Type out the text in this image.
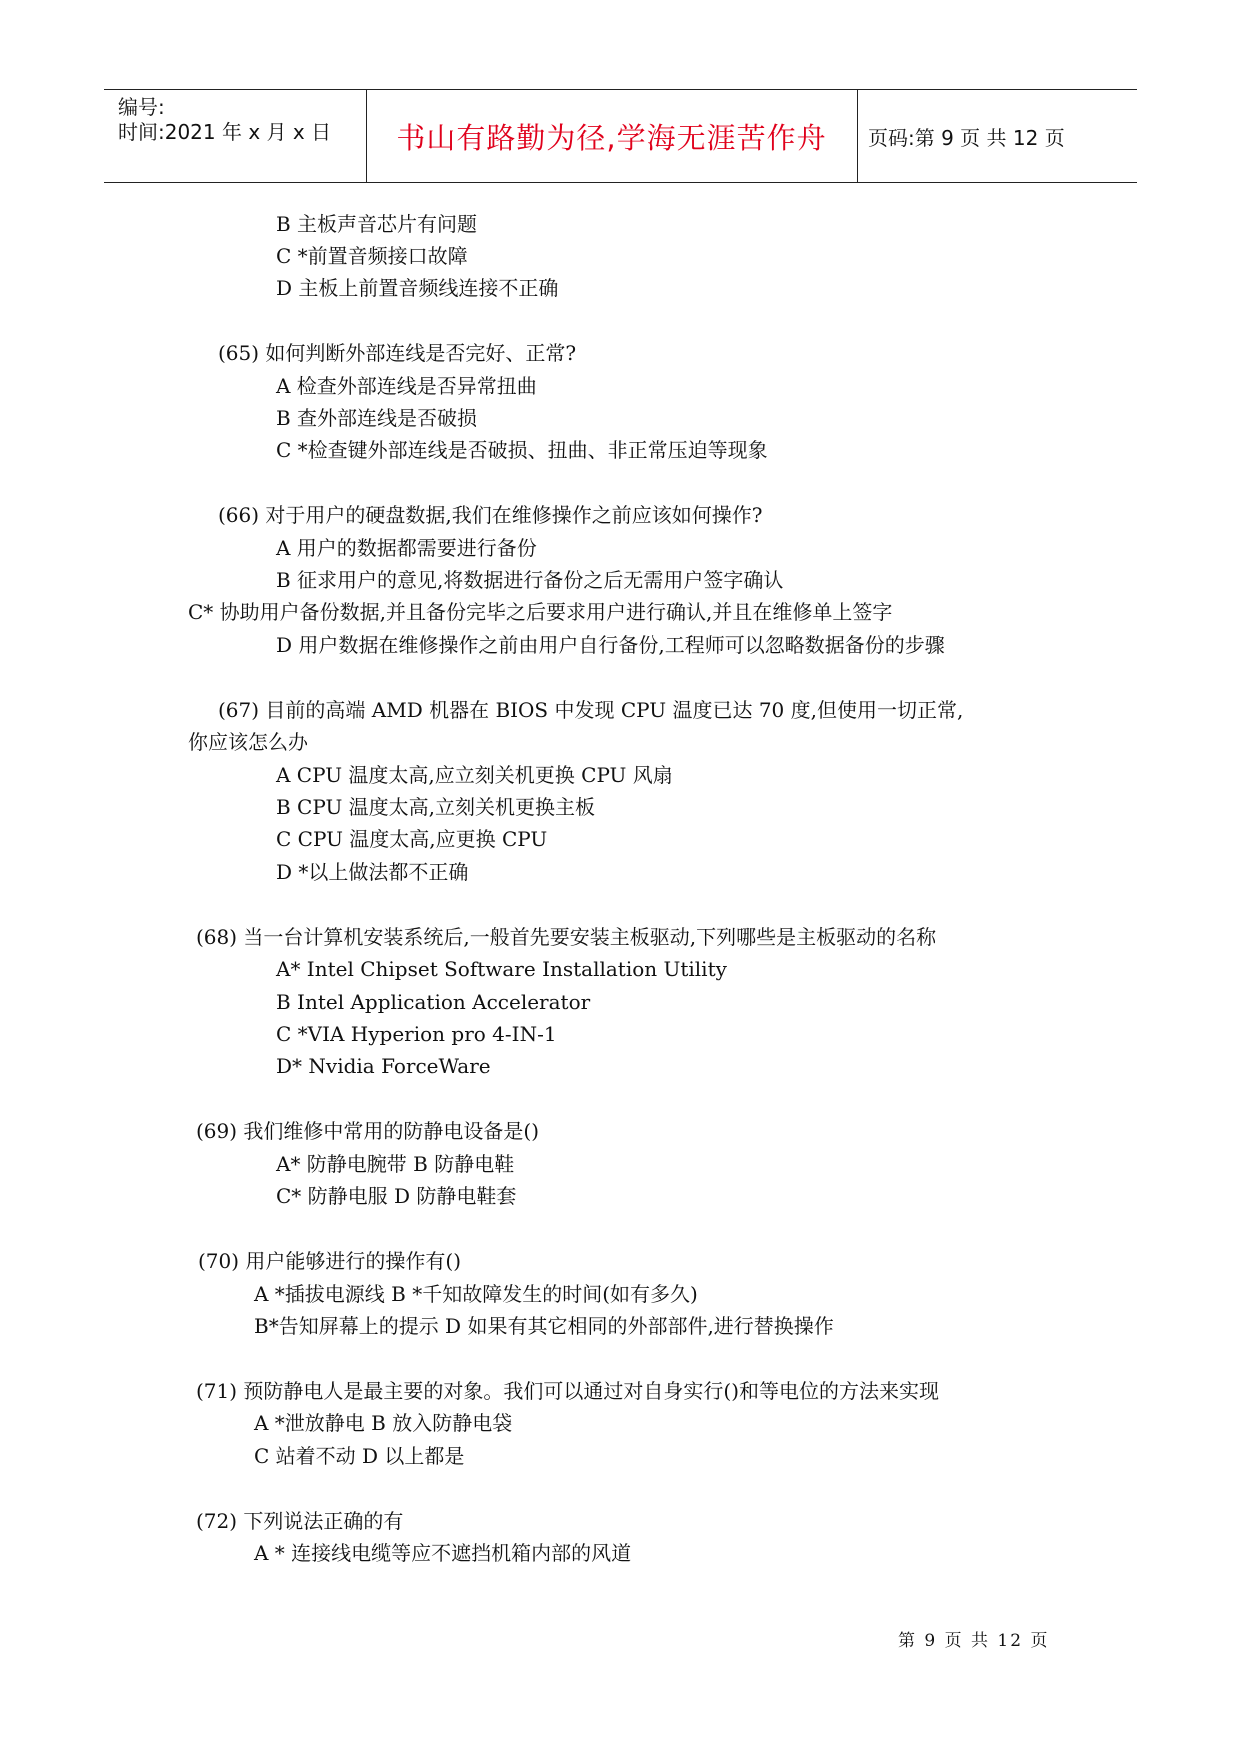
编号:
时间:2021 年 x 月 x 日	书山有路勤为径,学海无涯苦作舟	页码:第 9 页 共 12 页
B 主板声音芯片有问题
C *前置音频接口故障
D 主板上前置音频线连接不正确
(65) 如何判断外部连线是否完好、正常?
A 检查外部连线是否异常扭曲
B 查外部连线是否破损
C *检查键外部连线是否破损、扭曲、非正常压迫等现象
(66) 对于用户的硬盘数据,我们在维修操作之前应该如何操作?
A 用户的数据都需要进行备份
B 征求用户的意见,将数据进行备份之后无需用户签字确认
C* 协助用户备份数据,并且备份完毕之后要求用户进行确认,并且在维修单上签字
D 用户数据在维修操作之前由用户自行备份,工程师可以忽略数据备份的步骤
(67) 目前的高端 AMD 机器在 BIOS 中发现 CPU 温度已达 70 度,但使用一切正常,
你应该怎么办
A CPU 温度太高,应立刻关机更换 CPU 风扇
B CPU 温度太高,立刻关机更换主板
C CPU 温度太高,应更换 CPU
D *以上做法都不正确
(68) 当一台计算机安装系统后,一般首先要安装主板驱动,下列哪些是主板驱动的名称
A* Intel Chipset Software Installation Utility
B Intel Application Accelerator
C *VIA Hyperion pro 4-IN-1
D* Nvidia ForceWare
(69) 我们维修中常用的防静电设备是()
A* 防静电腕带 B 防静电鞋
C* 防静电服 D 防静电鞋套
(70) 用户能够进行的操作有()
A *插拔电源线 B *千知故障发生的时间(如有多久)
B*告知屏幕上的提示 D 如果有其它相同的外部部件,进行替换操作
(71) 预防静电人是最主要的对象。我们可以通过对自身实行()和等电位的方法来实现
A *泄放静电 B 放入防静电袋
C 站着不动 D 以上都是
(72) 下列说法正确的有
A * 连接线电缆等应不遮挡机箱内部的风道
第 9 页 共 12 页
